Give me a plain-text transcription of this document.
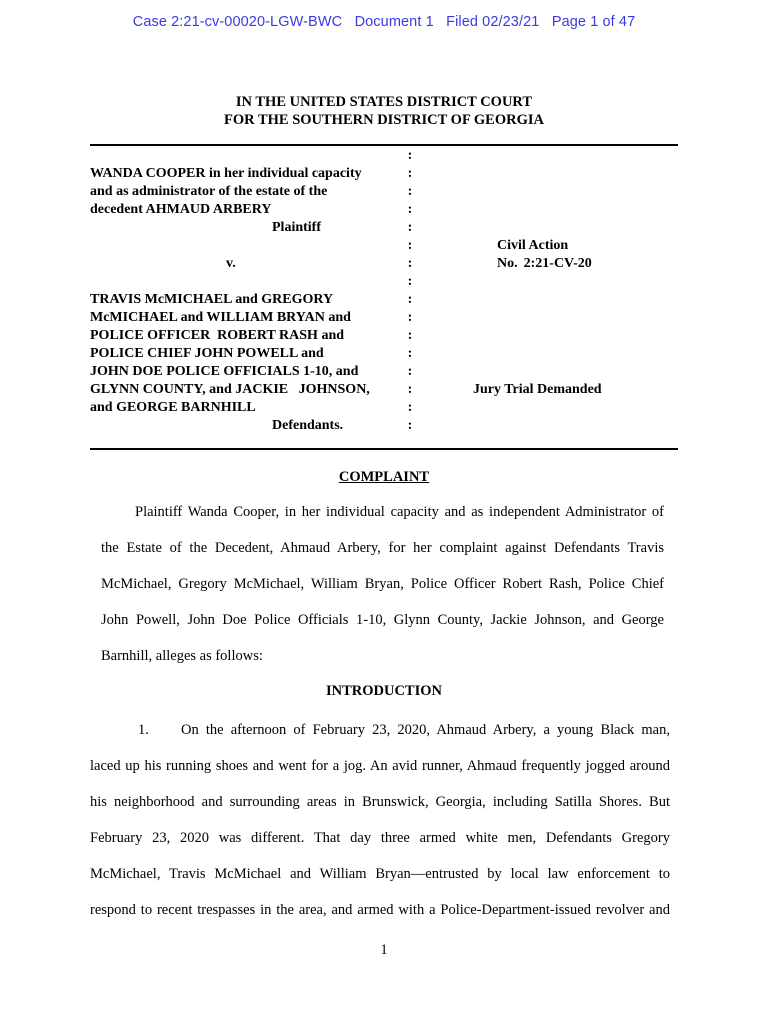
Case 2:21-cv-00020-LGW-BWC   Document 1   Filed 02/23/21   Page 1 of 47
IN THE UNITED STATES DISTRICT COURT
FOR THE SOUTHERN DISTRICT OF GEORGIA
:
:
:
:
:
:
:
:
:
:
:
:
:
:
:
:
WANDA COOPER in her individual capacity
and as administrator of the estate of the
decedent AHMAUD ARBERY
Plaintiff
v.
TRAVIS McMICHAEL and GREGORY
McMICHAEL and WILLIAM BRYAN and
POLICE OFFICER  ROBERT RASH and
POLICE CHIEF JOHN POWELL and
JOHN DOE POLICE OFFICIALS 1-10, and
GLYNN COUNTY, and JACKIE   JOHNSON,
and GEORGE BARNHILL
Defendants.
Civil Action
No. 2:21-CV-20
Jury Trial Demanded
COMPLAINT
Plaintiff Wanda Cooper, in her individual capacity and as independent Administrator of
the Estate of the Decedent, Ahmaud Arbery, for her complaint against Defendants Travis
McMichael, Gregory McMichael, William Bryan, Police Officer Robert Rash, Police Chief
John Powell, John Doe Police Officials 1-10, Glynn County, Jackie Johnson, and George
Barnhill, alleges as follows:
INTRODUCTION
1.	On the afternoon of February 23, 2020, Ahmaud Arbery, a young Black man,
laced up his running shoes and went for a jog. An avid runner, Ahmaud frequently jogged around
his neighborhood and surrounding areas in Brunswick, Georgia, including Satilla Shores. But
February 23, 2020 was different. That day three armed white men, Defendants Gregory
McMichael, Travis McMichael and William Bryan—entrusted by local law enforcement to
respond to recent trespasses in the area, and armed with a Police-Department-issued revolver and
1
